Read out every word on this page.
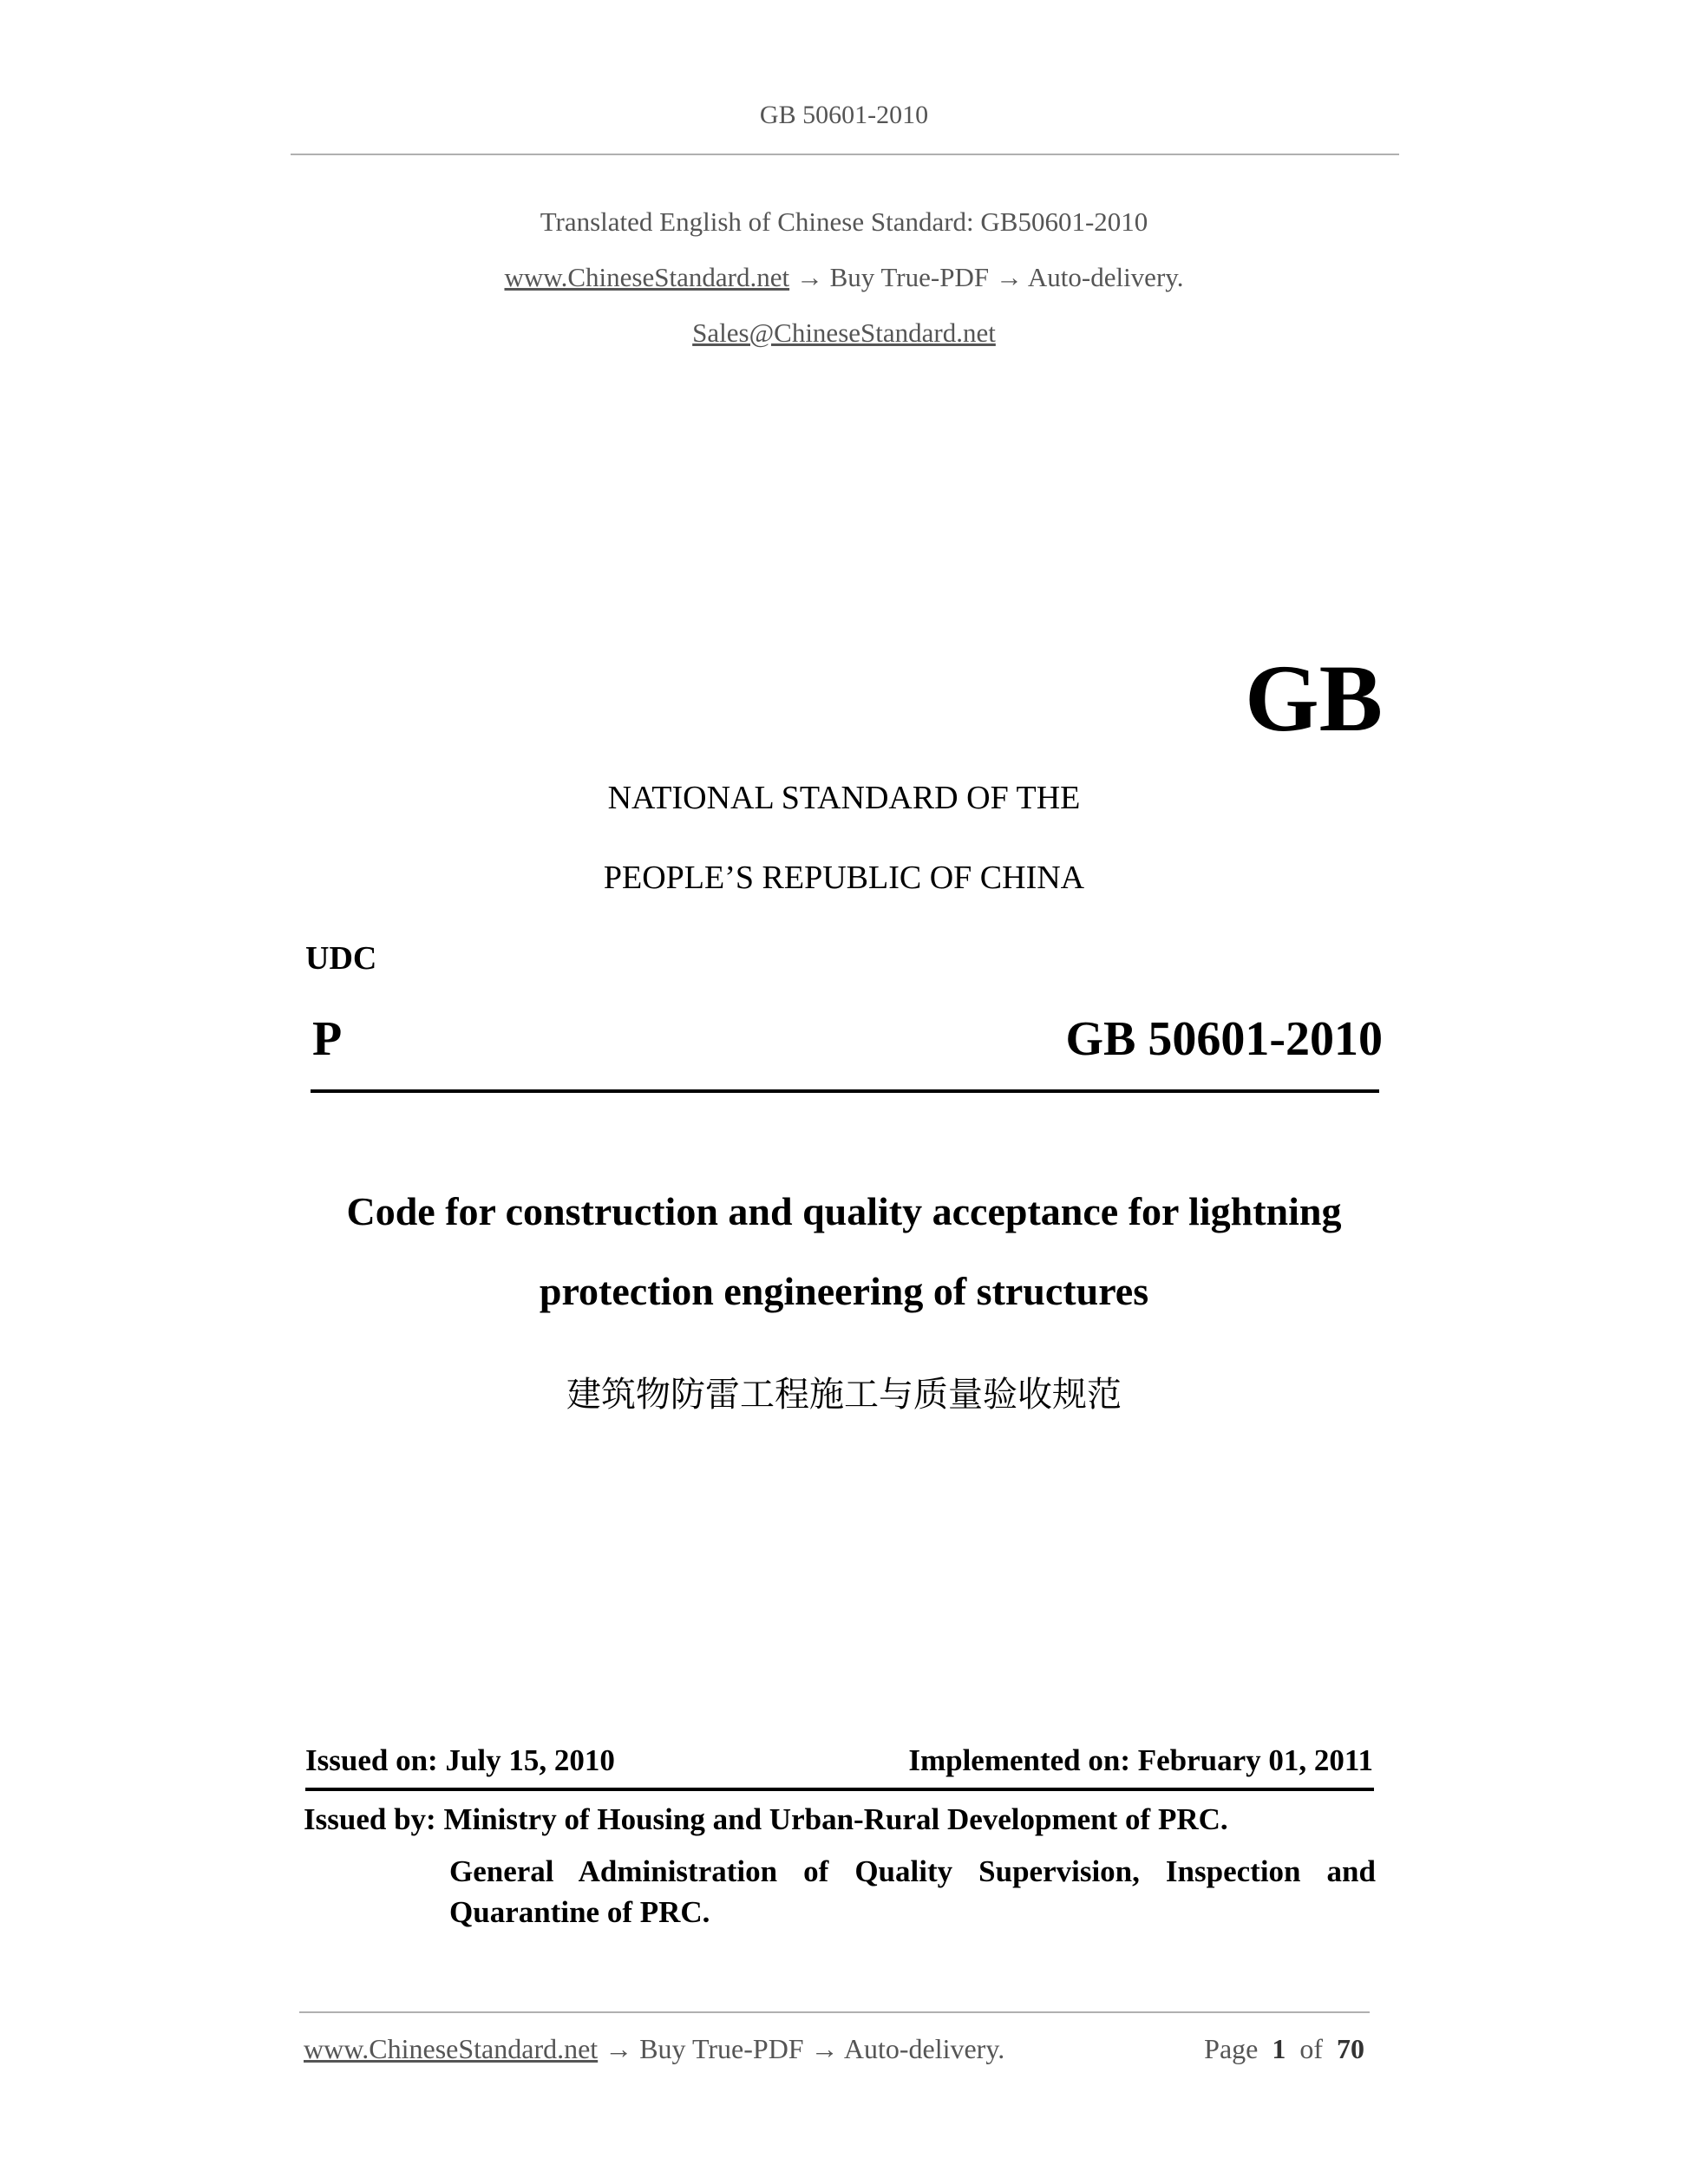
GB 50601-2010
Translated English of Chinese Standard: GB50601-2010
www.ChineseStandard.net → Buy True-PDF → Auto-delivery.
Sales@ChineseStandard.net
GB
NATIONAL STANDARD OF THE
PEOPLE’S REPUBLIC OF CHINA
UDC
P	GB 50601-2010
Code for construction and quality acceptance for lightning
protection engineering of structures
建筑物防雷工程施工与质量验收规范
Issued on: July 15, 2010	Implemented on: February 01, 2011
Issued by: Ministry of Housing and Urban-Rural Development of PRC.
General Administration of Quality Supervision, Inspection and
Quarantine of PRC.
www.ChineseStandard.net → Buy True-PDF → Auto-delivery.	Page 1 of 70
